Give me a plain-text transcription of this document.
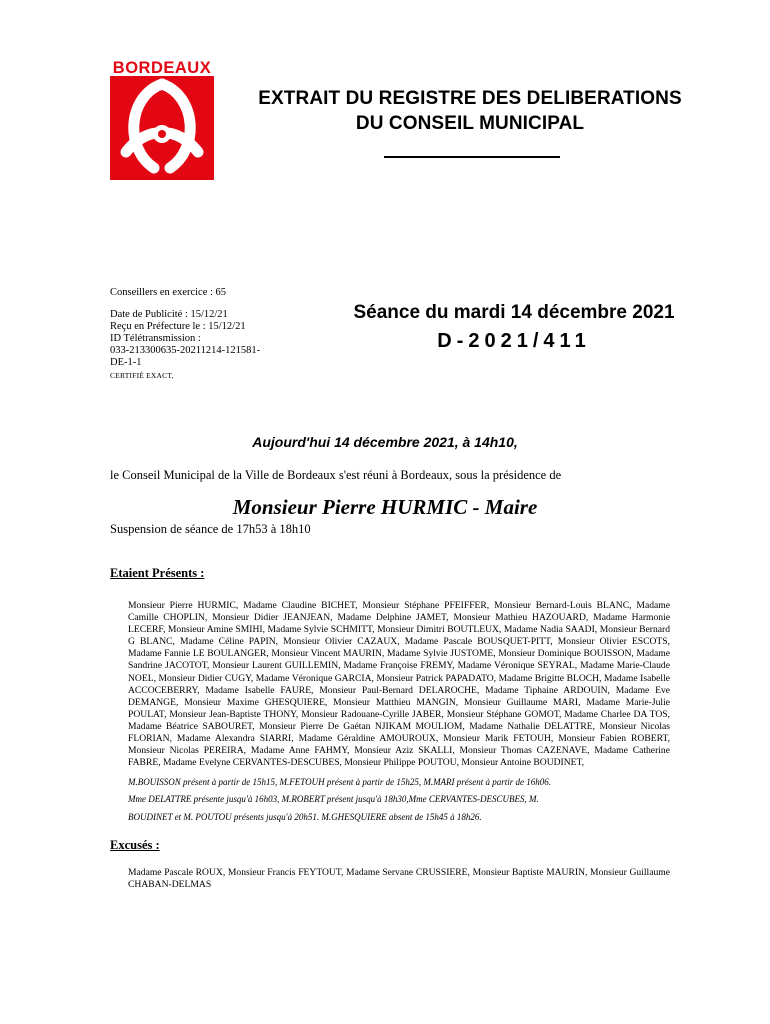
BORDEAUX
EXTRAIT DU REGISTRE DES DELIBERATIONS
DU CONSEIL MUNICIPAL
Conseillers en exercice : 65
Date de Publicité : 15/12/21
Reçu en Préfecture le : 15/12/21
ID Télétransmission :
033-213300635-20211214-121581-
DE-1-1
CERTIFIÉ EXACT,
Séance du mardi 14 décembre 2021
D-2021/411
Aujourd'hui 14 décembre 2021, à 14h10,
le Conseil Municipal de la Ville de Bordeaux s'est réuni à Bordeaux, sous la présidence de
Monsieur Pierre HURMIC - Maire
Suspension de séance de 17h53 à 18h10
Etaient Présents :
Monsieur Pierre HURMIC, Madame Claudine BICHET, Monsieur Stéphane PFEIFFER, Monsieur Bernard-Louis BLANC, Madame Camille CHOPLIN, Monsieur Didier JEANJEAN, Madame Delphine JAMET, Monsieur Mathieu HAZOUARD, Madame Harmonie LECERF, Monsieur Amine SMIHI, Madame Sylvie SCHMITT, Monsieur Dimitri BOUTLEUX, Madame Nadia SAADI, Monsieur Bernard G BLANC, Madame Céline PAPIN, Monsieur Olivier CAZAUX, Madame Pascale BOUSQUET-PITT, Monsieur Olivier ESCOTS, Madame Fannie LE BOULANGER, Monsieur Vincent MAURIN, Madame Sylvie JUSTOME, Monsieur Dominique BOUISSON, Madame Sandrine JACOTOT, Monsieur Laurent GUILLEMIN, Madame Françoise FREMY, Madame Véronique SEYRAL, Madame Marie-Claude NOEL, Monsieur Didier CUGY, Madame Véronique GARCIA, Monsieur Patrick PAPADATO, Madame Brigitte BLOCH, Madame Isabelle ACCOCEBERRY, Madame Isabelle FAURE, Monsieur Paul-Bernard DELAROCHE, Madame Tiphaine ARDOUIN, Madame Eve DEMANGE, Monsieur Maxime GHESQUIERE, Monsieur Matthieu MANGIN, Monsieur Guillaume MARI, Madame Marie-Julie POULAT, Monsieur Jean-Baptiste THONY, Monsieur Radouane-Cyrille JABER, Monsieur Stéphane GOMOT, Madame Charlee DA TOS, Madame Béatrice SABOURET, Monsieur Pierre De Gaétan NJIKAM MOULIOM, Madame Nathalie DELATTRE, Monsieur Nicolas FLORIAN, Madame Alexandra SIARRI, Madame Géraldine AMOUROUX, Monsieur Marik FETOUH, Monsieur Fabien ROBERT, Monsieur Nicolas PEREIRA, Madame Anne FAHMY, Monsieur Aziz SKALLI, Monsieur Thomas CAZENAVE, Madame Catherine FABRE, Madame Evelyne CERVANTES-DESCUBES, Monsieur Philippe POUTOU, Monsieur Antoine BOUDINET,
M.BOUISSON présent à partir de 15h15, M.FETOUH présent à partir de 15h25, M.MARI présent à partir de 16h06.
Mme DELATTRE présente jusqu'à 16h03, M.ROBERT présent jusqu'à 18h30,Mme CERVANTES-DESCUBES, M.
BOUDINET et M. POUTOU présents jusqu'à 20h51. M.GHESQUIERE absent de 15h45 à 18h26.
Excusés :
Madame Pascale ROUX, Monsieur Francis FEYTOUT, Madame Servane CRUSSIERE, Monsieur Baptiste MAURIN, Monsieur Guillaume CHABAN-DELMAS
